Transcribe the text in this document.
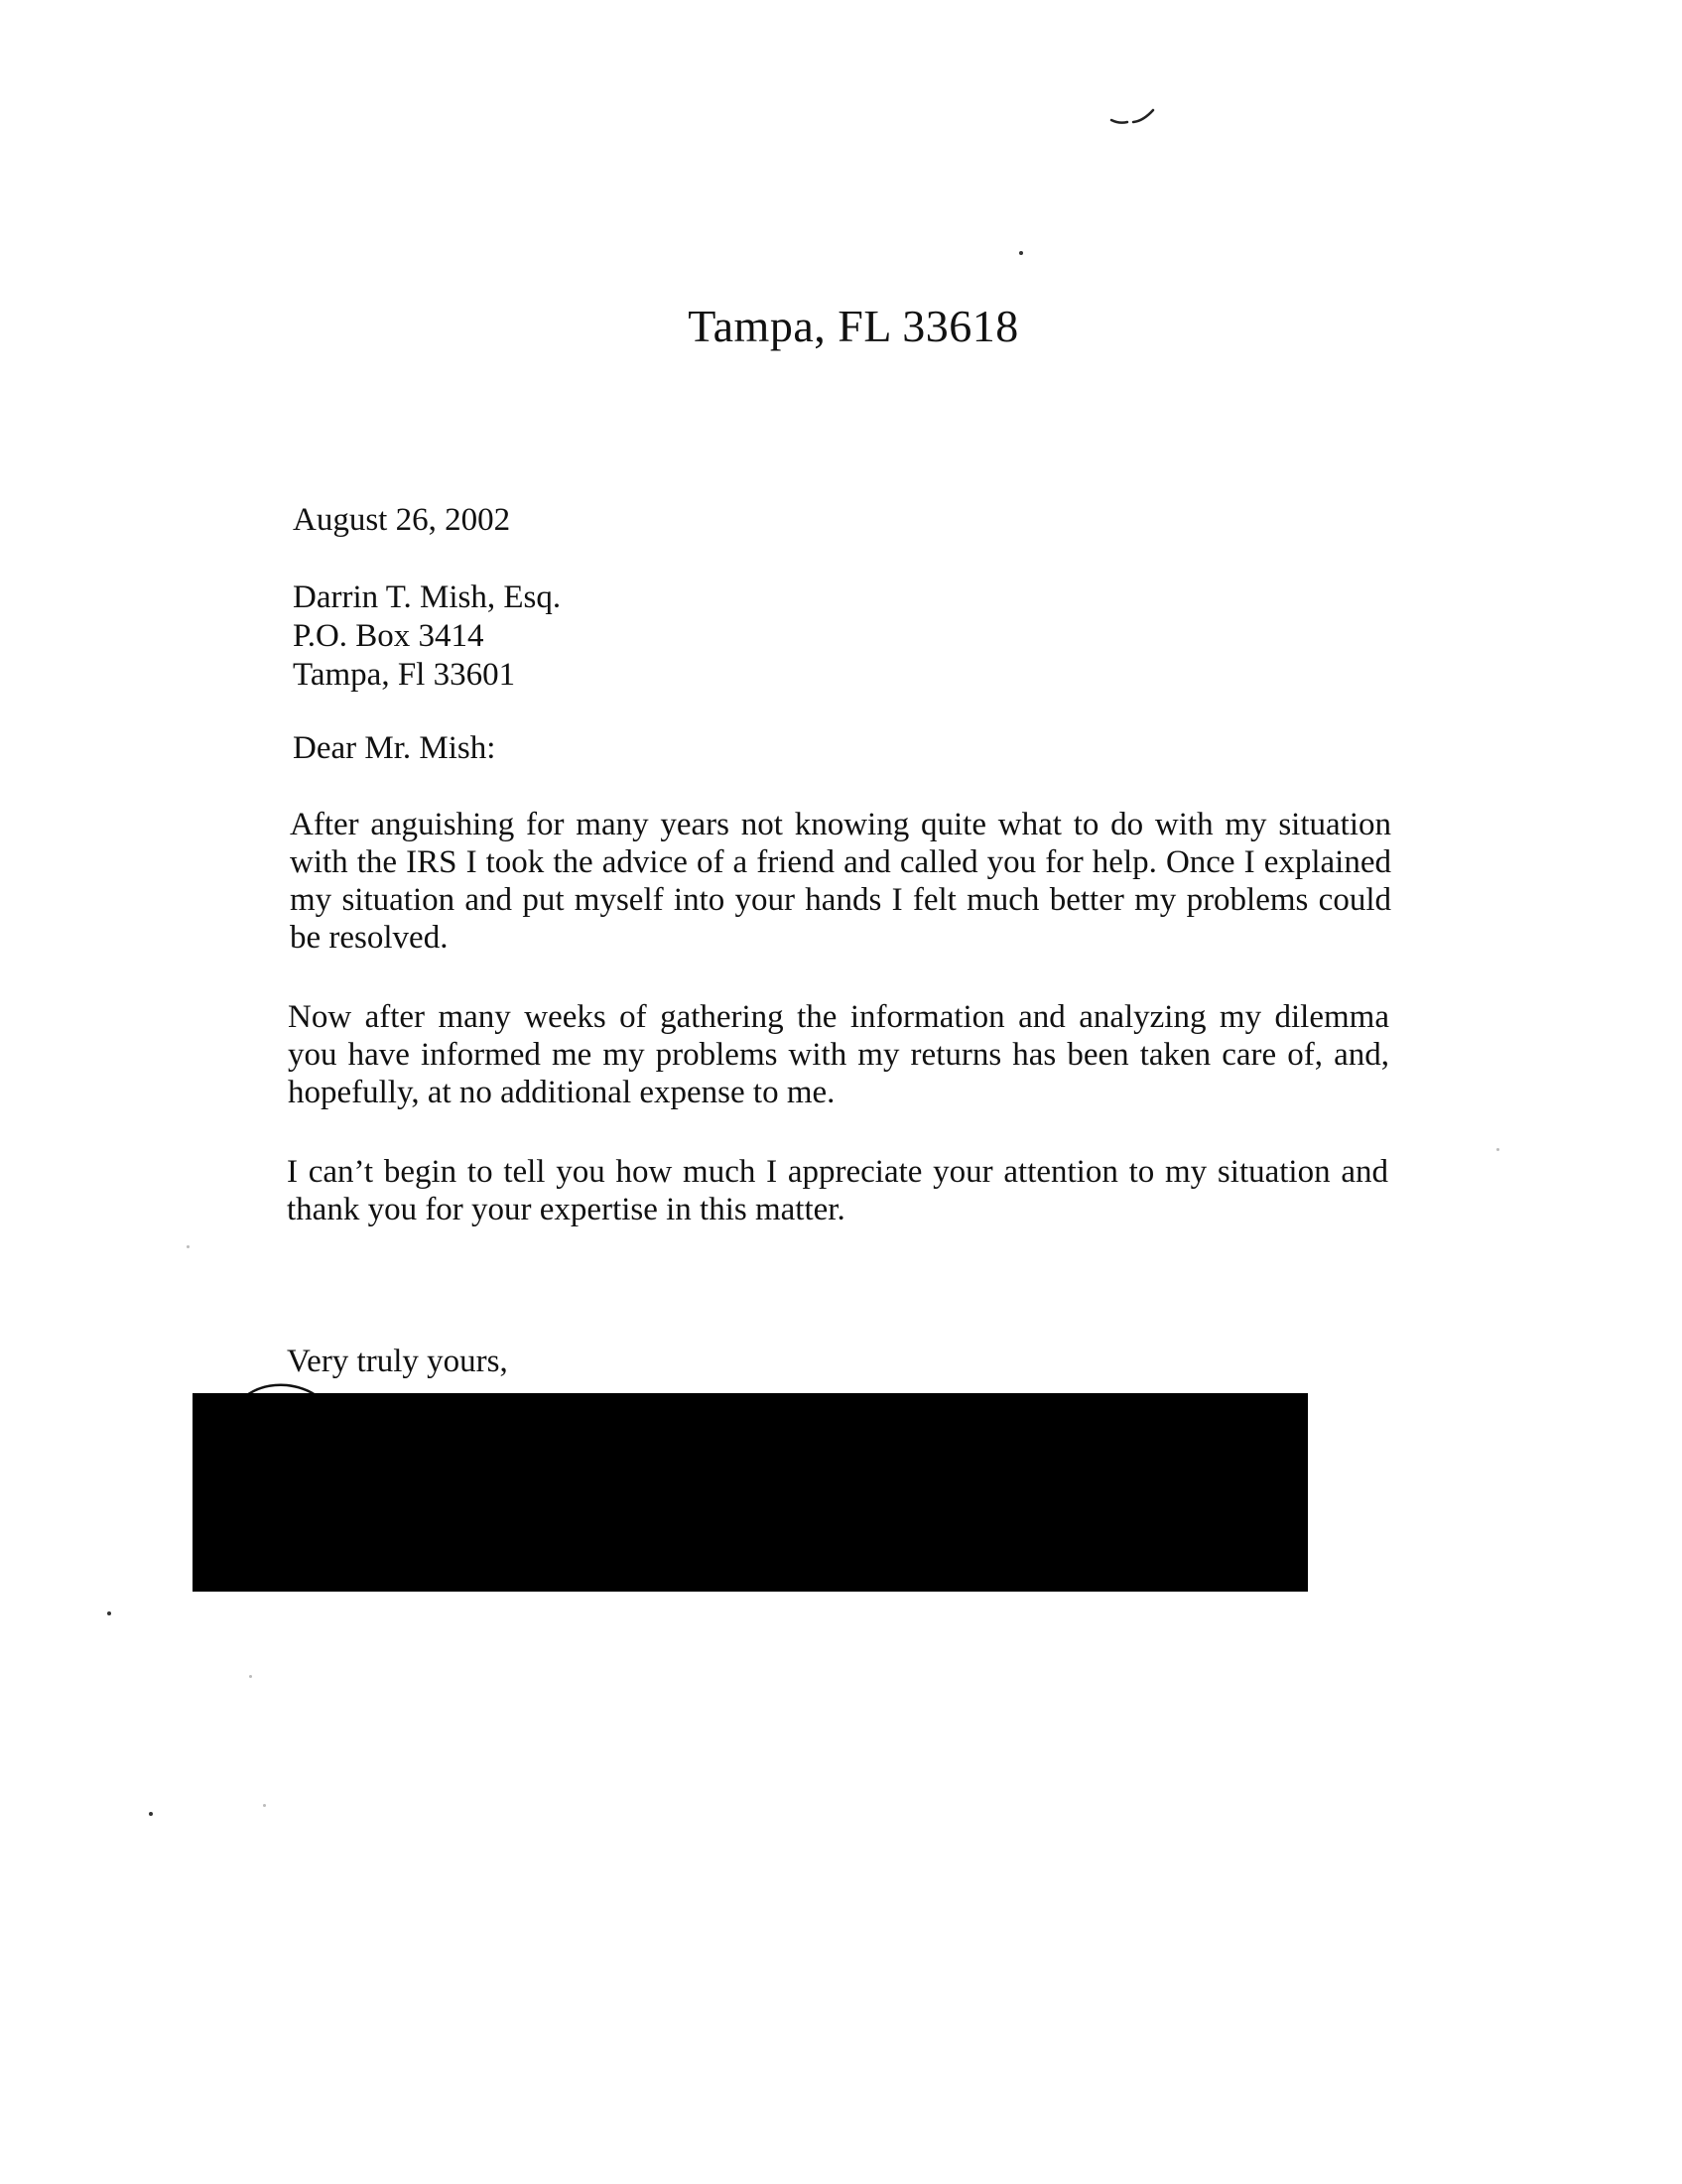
Tampa, FL 33618
August 26, 2002
Darrin T. Mish, Esq.
P.O. Box 3414
Tampa, Fl 33601
Dear Mr. Mish:

After anguishing for many years not knowing quite what to do with my situation with the IRS I took the advice of a friend and called you for help. Once I explained my situation and put myself into your hands I felt much better my problems could be resolved.

Now after many weeks of gathering the information and analyzing my dilemma you have informed me my problems with my returns has been taken care of, and, hopefully, at no additional expense to me.

I can’t begin to tell you how much I appreciate your attention to my situation and thank you for your expertise in this matter.

Very truly yours,
